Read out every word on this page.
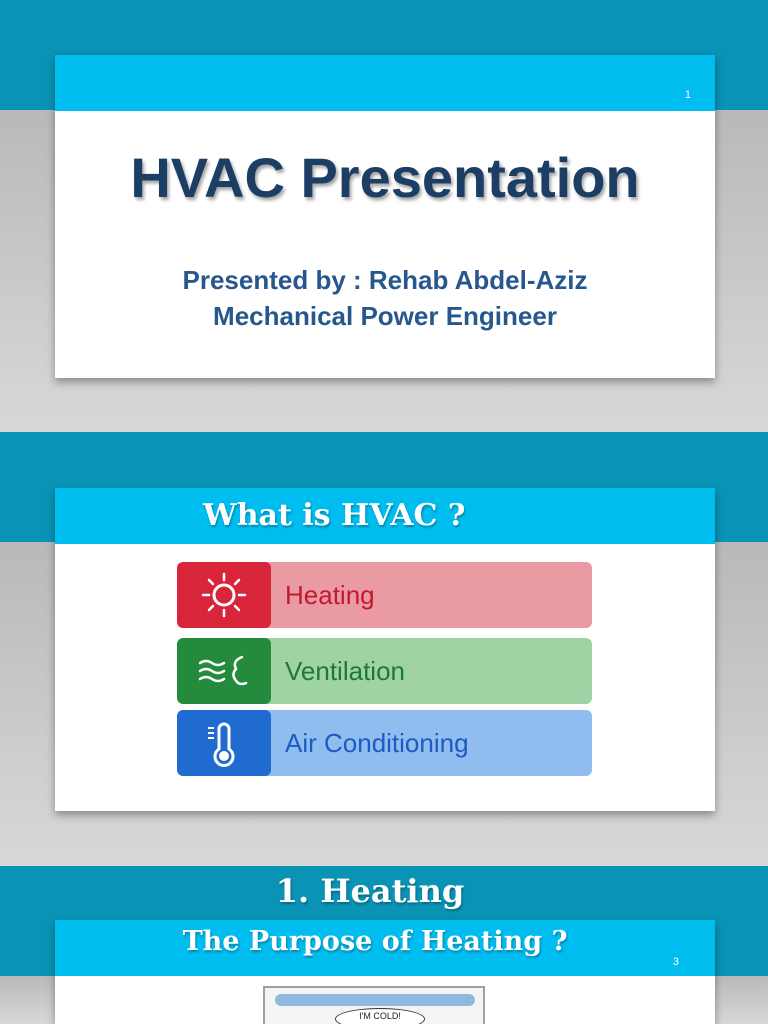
1
HVAC Presentation
Presented by : Rehab Abdel-Aziz
Mechanical Power Engineer
What is HVAC ?
Heating
Ventilation
Air Conditioning
1. Heating
The Purpose of Heating ?
3
I'M COLD!
